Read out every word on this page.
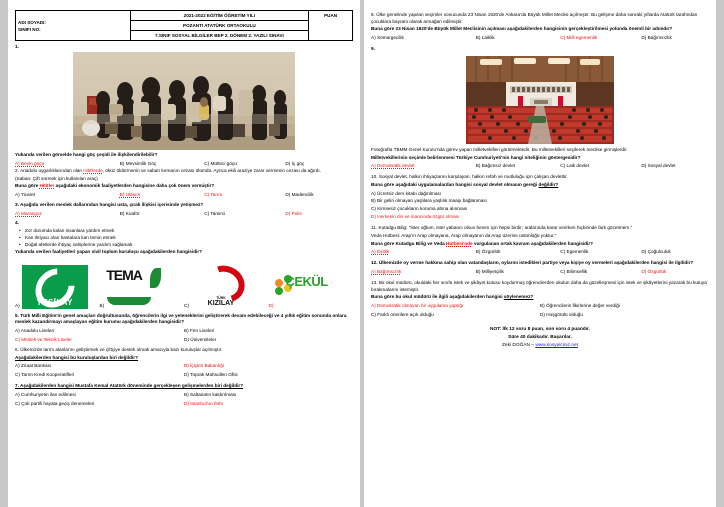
ADI SOYADI:
SINIFI NO:
	2021-2022 EĞİTİM ÖĞRETİM YILI	PUAN
POZANTI ATATÜRK ORTAOKULU
7.SINIF SOSYAL BİLGİLER BEP 2. DÖNEM 2. YAZILI SINAVI
1.
Yukarıda verilen görselde hangi göç çeşidi ile ilişkilendirilebilir?
A) Beyin göçü	B) Mevsimlik Göç	C) Mülteci göçü	D) İç göç
2. Anadolu uygarlıklarından olan Hitit'lerde, öküz öldürmenin ve saban kırmanın cezası ölümdü. Ayrıca ekili araziye zarar vermenin cezası da ağırdı.
(Saban: Çift sürmek için kullanılan araç)
Buna göre Hititler aşağıdaki ekonomik faaliyetlerden hangisine daha çok önem vermiştir?
A) Ticaret	B) Ulaşım	C) Tarım	D) Madencilik
3. Aşağıda verilen meslek dallarından hangisi usta, çırak ilişkisi içerisinde yetişmez?
A) Marangoz	B) Kuaför	C) Tamirci	D) Polis
4.
• Zor durumda kalan insanlara yardım etmek
• Kan ihtiyacı olan hastalara kan temin etmek
• Doğal afetlerde ihtiyaç sahiplerine yardım sağlamak
Yukarıda verilen faaliyetleri yapan sivil toplum kuruluşu aşağıdakilerden hangisidir?
A)	YEŞİLAY	B)
TEMA
C)
TÜRK
KIZILAY	D)
ÇEKÜL
5. Türk Milli Eğitim'in genel amaçları doğrultusunda, öğrencilerin ilgi ve yeteneklerini geliştirerek devam edebileceği ve 4 yıllık eğitim sonunda onlara meslek kazandırmayı amaçlayan eğitim kurumu aşağıdakilerden hangisidir?
A) Anadolu Liseleri	B) Fen Liseleri
C) Meslek ve Teknik Liseler	D) Üniversiteler
6. Ülkemizde tarım alanlarını geliştirmek ve çiftçiye destek olmak amacıyla bazı kuruluşlar açılmıştır.
Aşağıdakilerden hangisi bu kuruluşlardan biri değildir?
A) Ziraat Bankası	B) İçişleri Bakanlığı
C) Tarım Kredi Kooperatifleri	D) Toprak Mahsulleri Ofisi
7. Aşağıdakilerden hangisi Mustafa Kemal Atatürk döneminde gerçekleşen gelişmelerden biri değildir?
A) Cumhuriyetin ilan edilmesi	B) Saltanatın kaldırılması
C) Çok partili hayata geçiş denemeleri	D) İstanbul'un fethi
8. Ülke genelinde yapılan seçimler sonucunda 23 Nisan 1920'de Ankara'da Büyük Millet Meclisi açılmıştır. Bu gelişme daha sonraki yıllarda Atatürk tarafından çocuklara bayram olarak armağan edilmiştir.
Buna göre 23 Nisan 1920'de Büyük Millet Meclisinin açılması aşağıdakilerden hangisinin gerçekleştirilmesi yolunda önemli bir adımdır?
A) Sömürgecilik	B) Laiklik	C) Milli egemenlik	D) Bağımsızlık
9.
Fotoğrafta TBMM Genel Kurulu'nda görev yapan milletvekilleri görülmektedir. Bu milletvekilleri seçilerek meclise girmişlerdir.
Milletvekillerinin seçimle belirlenmesi Türkiye Cumhuriyeti'nin hangi niteliğinin göstergesidir?
A) Demokratik devlet	B) Bağımsız devlet	C) Laik devlet	D) Sosyal devlet
10. Sosyal devlet, halkın ihtiyaçlarını karşılayan, halkın refah ve mutluluğu için çalışan devlettir.
Buna göre aşağıdaki uygulamalardan hangisi sosyal devlet olmanın gereği değildir?
A) Ücretsiz ders kitabı dağıtılması
B) Bir geliri olmayan yaşlılara yaşlılık maaşı bağlanması
C) Kimsesiz çocukların koruma altına alınması
D) Herkesin din ve inancında özgür olması
11. Kutadgu Bilig: "İster oğlum, ister yabancı olsun benim için hepsi birdir; aralarında karar verirken hiçbirinde fark gözetmem."
Veda Hutbesi: Arap'ın Arap olmayana, Arap olmayanın da Arap üzerine üstünlüğü yoktur."
Buna göre Kutadgu Bilig ve Veda Hutbesi'nde vurgulanan ortak kavram aşağıdakilerden hangisidir?
A) Eşitlik	B) Özgürlük	C) Egemenlik	D) Çoğulculuk
12. Ülkemizde oy verme hakkına sahip olan vatandaşların, oylarını istedikleri partiye veya kişiye oy vermeleri aşağıdakilerden hangisi ile ilgilidir?
A) Bağımsızlık	B) Milliyetçilik	C) Bilimsellik	D) Özgürlük
13. Bir okul müdürü, okuldaki her sınıfa istek ve şikâyet kutusu koydurmuş öğrencilerden okulun daha da güzelleşmesi için istek ve şikâyetlerini yazarak bu kutuya bırakmalarını istemiştir.
Buna göre bu okul müdürü ile ilgili aşağıdakilerden hangisi söylenemez?
A) Demokratik olmayan bir uygulama yaptığı	B) Öğrencilerin fikirlerine değer verdiği
C) Farklı önerilere açık olduğu	D) Hoşgörülü olduğu
NOT: İlk 12 soru 8 puan, son soru 4 puandır.
Süre 40 dakikadır. Başarılar.
Zeki DOĞAN – www.sosyalciniz.net
